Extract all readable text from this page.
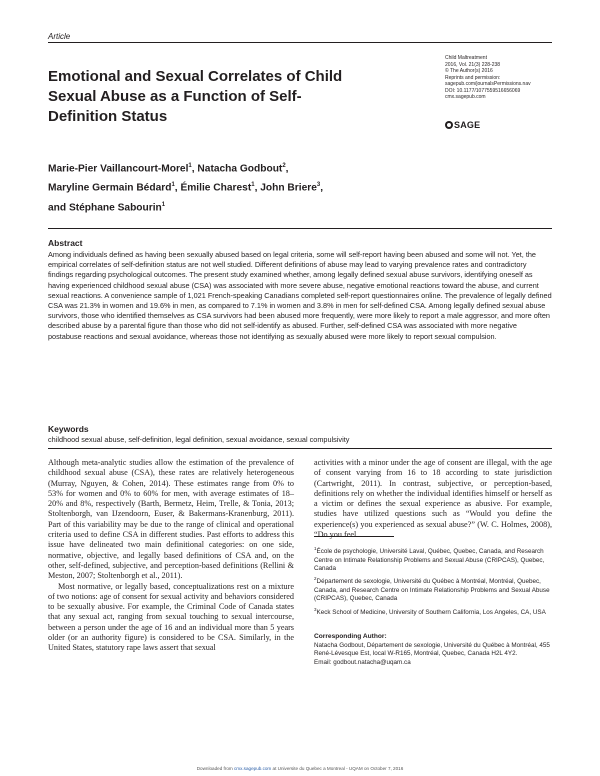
Article
Child Maltreatment
2016, Vol. 21(3) 228-238
© The Author(s) 2016
Reprints and permission:
sagepub.com/journalsPermissions.nav
DOI: 10.1177/1077559516656069
cmx.sagepub.com
SAGE
Emotional and Sexual Correlates of Child Sexual Abuse as a Function of Self-Definition Status
Marie-Pier Vaillancourt-Morel$^1$, Natacha Godbout$^2$,
Maryline Germain Bédard$^1$, Émilie Charest$^1$, John Briere$^3$,
and Stéphane Sabourin$^1$
Abstract

Among individuals defined as having been sexually abused based on legal criteria, some will self-report having been abused and some will not. Yet, the empirical correlates of self-definition status are not well studied. Different definitions of abuse may lead to varying prevalence rates and contradictory findings regarding psychological outcomes. The present study examined whether, among legally defined sexual abuse survivors, identifying oneself as having experienced childhood sexual abuse (CSA) was associated with more severe abuse, negative emotional reactions toward the abuse, and current sexual reactions. A convenience sample of 1,021 French-speaking Canadians completed self-report questionnaires online. The prevalence of legally defined CSA was 21.3% in women and 19.6% in men, as compared to 7.1% in women and 3.8% in men for self-defined CSA. Among legally defined sexual abuse survivors, those who identified themselves as CSA survivors had been abused more frequently, were more likely to report a male aggressor, and more often described abuse by a parental figure than those who did not self-identify as abused. Further, self-defined CSA was associated with more negative postabuse reactions and sexual avoidance, whereas those not identifying as sexually abused were more likely to report sexual compulsion.

Keywords
childhood sexual abuse, self-definition, legal definition, sexual avoidance, sexual compulsivity

Although meta-analytic studies allow the estimation of the prevalence of childhood sexual abuse (CSA), these rates are relatively heterogeneous (Murray, Nguyen, & Cohen, 2014). These estimates range from 0% to 53% for women and 0% to 60% for men, with average estimates of 18–20% and 8%, respectively (Barth, Bermetz, Heim, Trelle, & Tonia, 2013; Stoltenborgh, van IJzendoorn, Euser, & Bakermans-Kranenburg, 2011). Part of this variability may be due to the range of clinical and operational criteria used to define CSA in different studies. Past efforts to address this issue have delineated two main definitional categories: on one side, normative, objective, and legally based definitions of CSA and, on the other, self-defined, subjective, and perception-based definitions (Rellini & Meston, 2007; Stoltenborgh et al., 2011).

Most normative, or legally based, conceptualizations rest on a mixture of two notions: age of consent for sexual activity and behaviors considered to be sexually abusive. For example, the Criminal Code of Canada states that any sexual act, ranging from sexual touching to sexual intercourse, between a person under the age of 16 and an individual more than 5 years older (or an authority figure) is considered to be CSA. Similarly, in the United States, statutory rape laws assert that sexual

activities with a minor under the age of consent are illegal, with the age of consent varying from 16 to 18 according to state jurisdiction (Cartwright, 2011). In contrast, subjective, or perception-based, definitions rely on whether the individual identifies himself or herself as a victim or defines the sexual experience as abusive. For example, studies have utilized questions such as “Would you define the experience(s) you experienced as sexual abuse?” (W. C. Holmes, 2008), “Do you feel

$^1$École de psychologie, Université Laval, Québec, Quebec, Canada, and Research Centre on Intimate Relationship Problems and Sexual Abuse (CRIPCAS), Quebec, Canada
$^2$Département de sexologie, Université du Québec à Montréal, Montréal, Quebec, Canada, and Research Centre on Intimate Relationship Problems and Sexual Abuse (CRIPCAS), Quebec, Canada
$^3$Keck School of Medicine, University of Southern California, Los Angeles, CA, USA
Corresponding Author:
Natacha Godbout, Département de sexologie, Université du Québec à Montréal, 455 René-Lévesque Est, local W-R165, Montréal, Quebec, Canada H2L 4Y2.
Email: godbout.natacha@uqam.ca
Downloaded from cmx.sagepub.com at Universite du Quebec a Montreal - UQAM on October 7, 2016
